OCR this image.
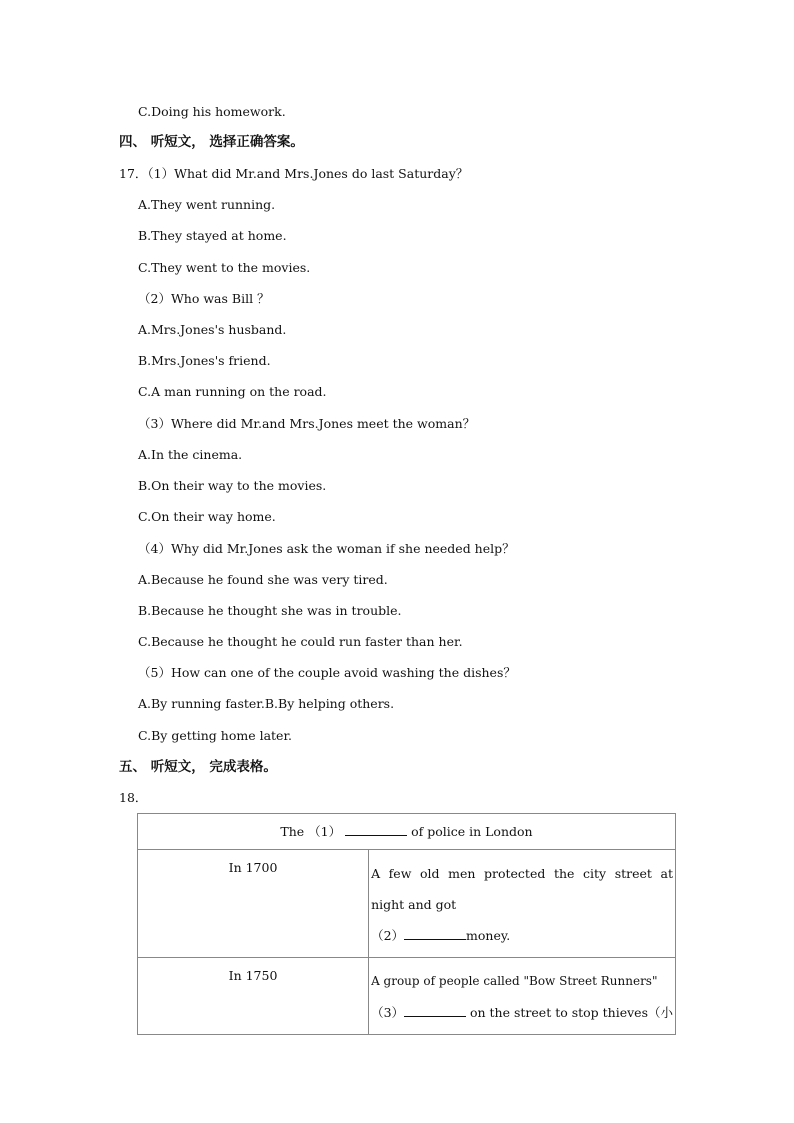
C.Doing his homework.
四、 听短文， 选择正确答案。
17．（1）What did Mr.and Mrs.Jones do last Saturday？
A.They went running.
B.They stayed at home.
C.They went to the movies.
（2）Who was Bill ？
A.Mrs.Jones's husband.
B.Mrs.Jones's friend.
C.A man running on the road.
（3）Where did Mr.and Mrs.Jones meet the woman？
A.In the cinema.
B.On their way to the movies.
C.On their way home.
（4）Why did Mr.Jones ask the woman if she needed help？
A.Because he found she was very tired.
B.Because he thought she was in trouble.
C.Because he thought he could run faster than her.
（5）How can one of the couple avoid washing the dishes？
A.By running faster.B.By helping others.
C.By getting home later.
五、 听短文， 完成表格。
18．
The （1） of police in London	
In 1700	A few old men protected the city street at night and got
（2） money.

In 1750	A group of people called "Bow Street Runners"
（3） on the street to stop thieves（小
